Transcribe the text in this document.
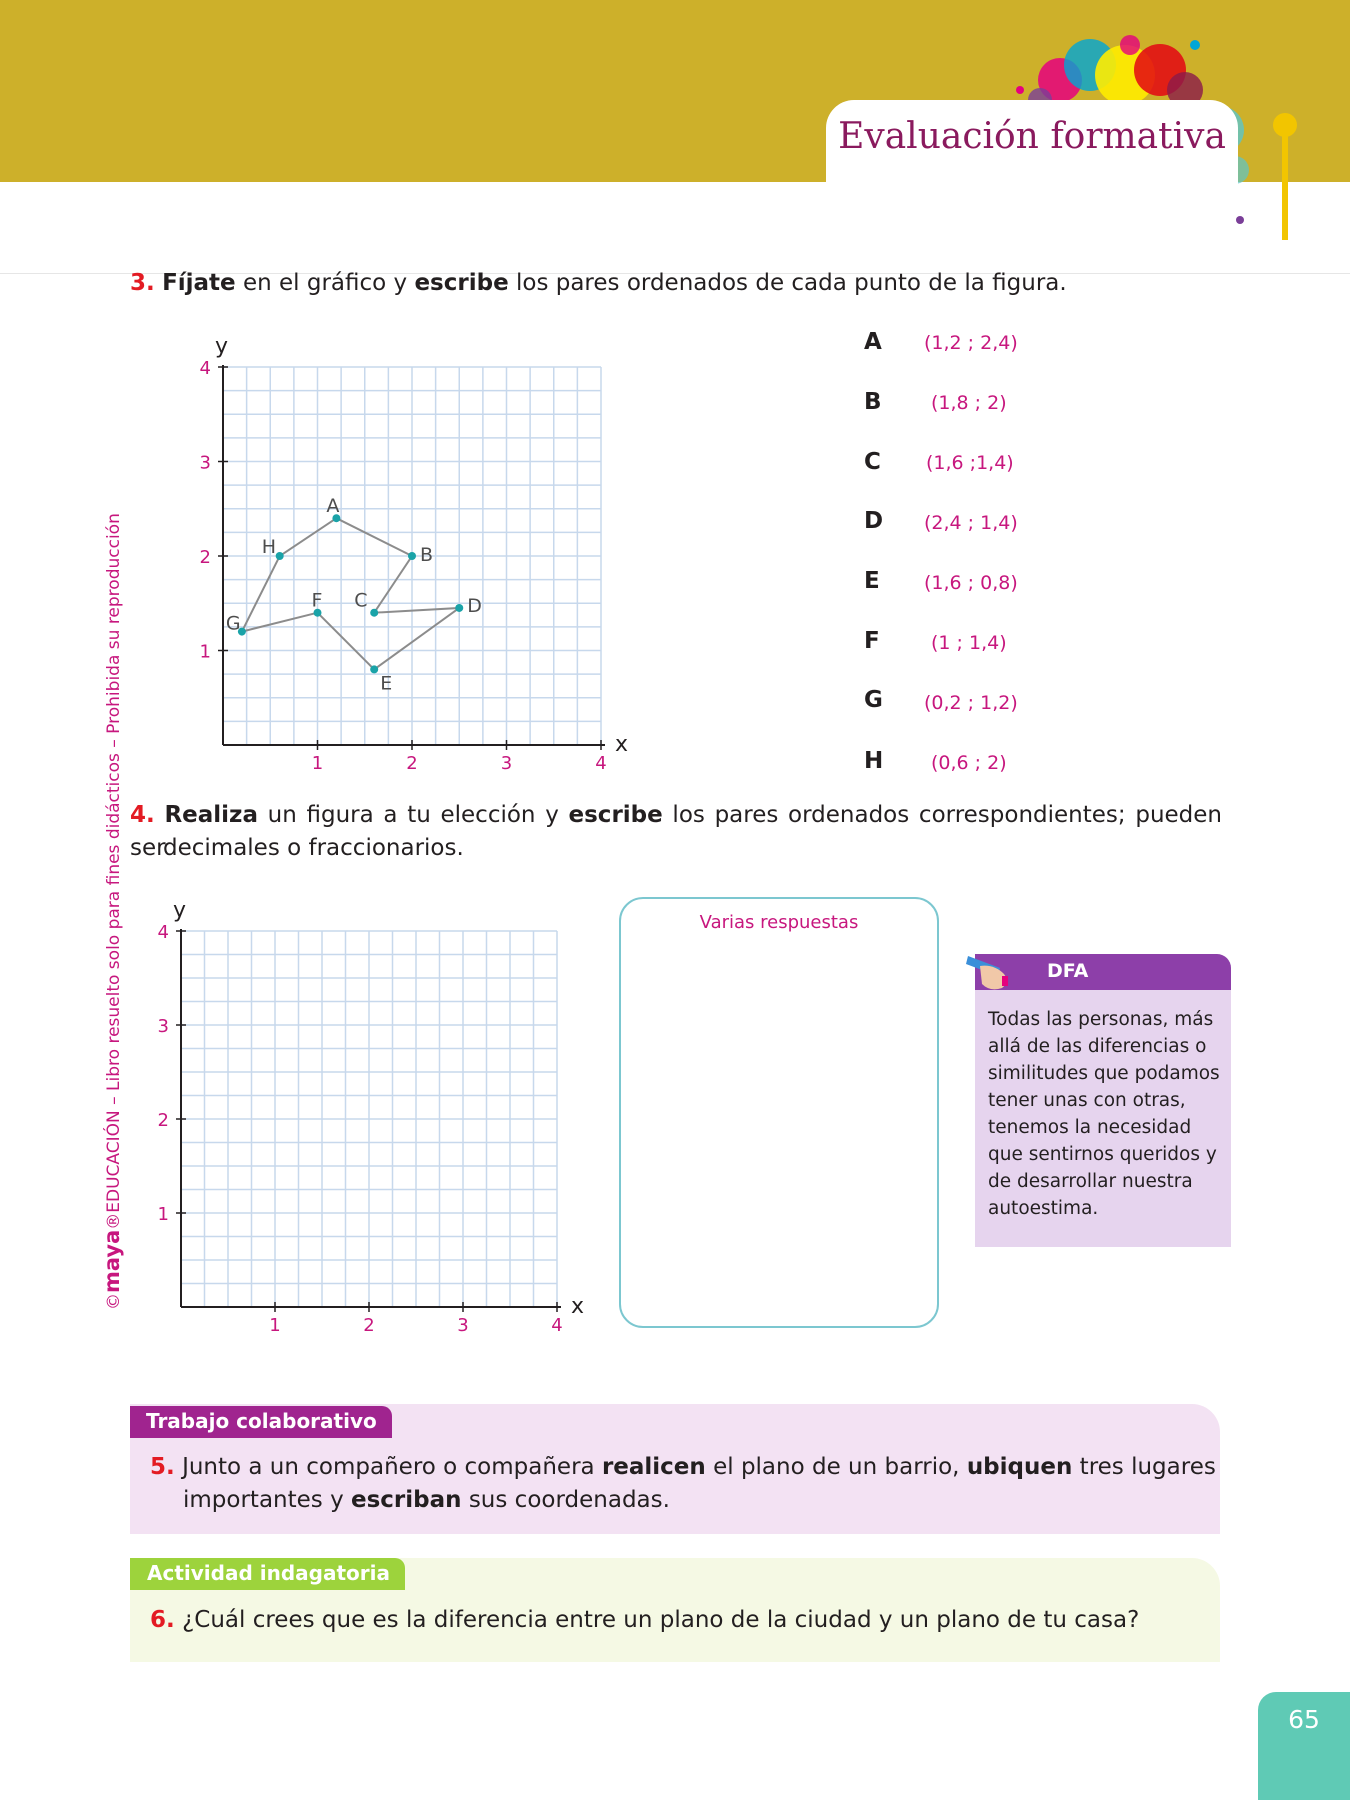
Evaluación formativa
©maya®EDUCACIÓN – Libro resuelto solo para fines didácticos – Prohibida su reproducción
3. Fíjate en el gráfico y escribe los pares ordenados de cada punto de la figura.
1	2	3	4
1
2
3
4
x
y
A
B
C	D
E
F
G
H
A (1,2 ; 2,4)
B	(1,8 ; 2)
C (1,6 ;1,4)
D (2,4 ; 1,4)
E (1,6 ; 0,8)
F	(1 ; 1,4)
G (0,2 ; 1,2)
H	(0,6 ; 2)
4. Realiza un figura a tu elección y escribe los pares ordenados correspondientes; pueden ser
decimales o fraccionarios.
1	2	3	4
1
2
3
4
x
y	Varias respuestas
DFA
Todas las personas, más allá de las diferencias o similitudes que podamos tener unas con otras, tenemos la necesidad que sentirnos queridos y de desarrollar nuestra autoestima.
Trabajo colaborativo
5. Junto a un compañero o compañera realicen el plano de un barrio, ubiquen tres lugares
importantes y escriban sus coordenadas.
Actividad indagatoria
6. ¿Cuál crees que es la diferencia entre un plano de la ciudad y un plano de tu casa?
65
